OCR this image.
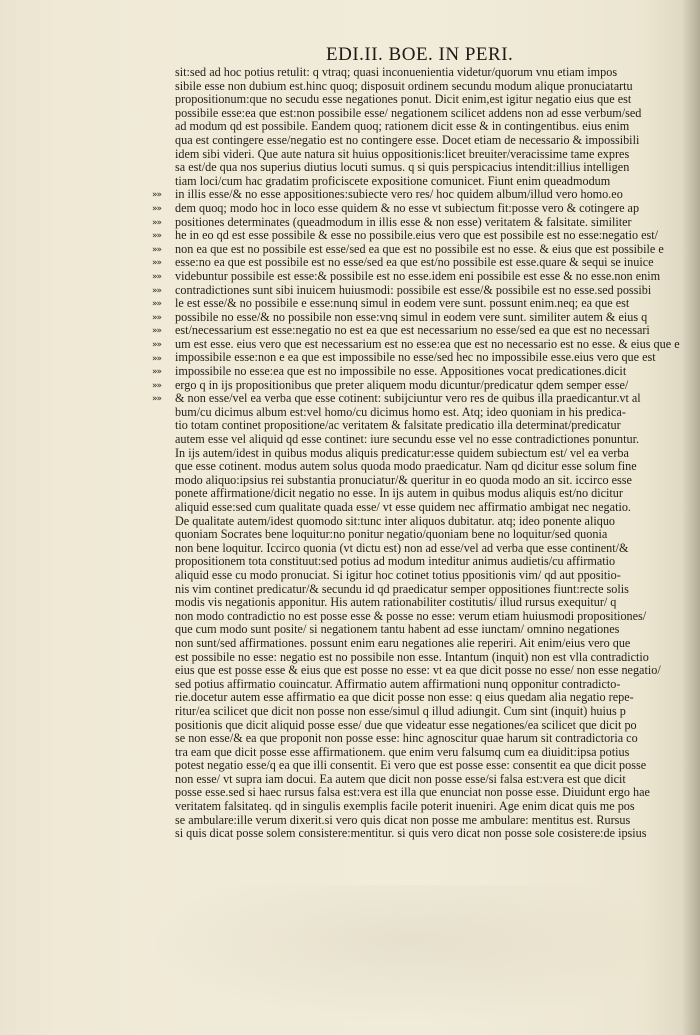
EDI.II. BOE. IN PERI.
»»
»»
»»
»»
»»
»»
»»
»»
»»
»»
»»
»»
»»
»»
»»
»»
sit:sed ad hoc potius retulit: q vtraq; quasi inconuenientia videtur/quorum vnu etiam impos
sibile esse non dubium est.hinc quoq; disposuit ordinem secundu modum alique pronuciatartu
propositionum:que no secudu esse negationes ponut. Dicit enim,est igitur negatio eius que est
possibile esse:ea que est:non possibile esse/ negationem scilicet addens non ad esse verbum/sed
ad modum qd est possibile. Eandem quoq; rationem dicit esse & in contingentibus. eius enim
qua est contingere esse/negatio est no contingere esse. Docet etiam de necessario & impossibili
idem sibi videri. Que aute natura sit huius oppositionis:licet breuiter/veracissime tame expres
sa est/de qua nos superius diutius locuti sumus. q si quis perspicacius intendit:illius intelligen
tiam loci/cum hac gradatim proficiscete expositione comunicet. Fiunt enim queadmodum
in illis esse/& no esse appositiones:subiecte vero res/ hoc quidem album/illud vero homo.eo
dem quoq; modo hoc in loco esse quidem & no esse vt subiectum fit:posse vero & cotingere ap
positiones determinates (queadmodum in illis esse & non esse) veritatem & falsitate. similiter
he in eo qd est esse possibile & esse no possibile.eius vero que est possibile est no esse:negatio est/
non ea que est no possibile est esse/sed ea que est no possibile est no esse. & eius que est possibile e
esse:no ea que est possibile est no esse/sed ea que est/no possibile est esse.quare & sequi se inuice
videbuntur possibile est esse:& possibile est no esse.idem eni possibile est esse & no esse.non enim
contradictiones sunt sibi inuicem huiusmodi: possibile est esse/& possibile est no esse.sed possibi
le est esse/& no possibile e esse:nunq simul in eodem vere sunt. possunt enim.neq; ea que est
possibile no esse/& no possibile non esse:vnq simul in eodem vere sunt. similiter autem & eius q
est/necessarium est esse:negatio no est ea que est necessarium no esse/sed ea que est no necessari
um est esse. eius vero que est necessarium est no esse:ea que est no necessario est no esse. & eius que e
impossibile esse:non e ea que est impossibile no esse/sed hec no impossibile esse.eius vero que est
impossibile no esse:ea que est no impossibile no esse. Appositiones vocat predicationes.dicit
ergo q in ijs propositionibus que preter aliquem modu dicuntur/predicatur qdem semper esse/
& non esse/vel ea verba que esse cotinent: subijciuntur vero res de quibus illa praedicantur.vt al
bum/cu dicimus album est:vel homo/cu dicimus homo est. Atq; ideo quoniam in his predica-
tio totam continet propositione/ac veritatem & falsitate predicatio illa determinat/predicatur
autem esse vel aliquid qd esse continet: iure secundu esse vel no esse contradictiones ponuntur.
In ijs autem/idest in quibus modus aliquis predicatur:esse quidem subiectum est/ vel ea verba
que esse cotinent. modus autem solus quoda modo praedicatur. Nam qd dicitur esse solum fine
modo aliquo:ipsius rei substantia pronuciatur/& queritur in eo quoda modo an sit. iccirco esse
ponete affirmatione/dicit negatio no esse. In ijs autem in quibus modus aliquis est/no dicitur
aliquid esse:sed cum qualitate quada esse/ vt esse quidem nec affirmatio ambigat nec negatio.
De qualitate autem/idest quomodo sit:tunc inter aliquos dubitatur. atq; ideo ponente aliquo
quoniam Socrates bene loquitur:no ponitur negatio/quoniam bene no loquitur/sed quonia
non bene loquitur. Iccirco quonia (vt dictu est) non ad esse/vel ad verba que esse continent/&
propositionem tota constituut:sed potius ad modum inteditur animus audietis/cu affirmatio
aliquid esse cu modo pronuciat. Si igitur hoc cotinet totius ppositionis vim/ qd aut ppositio-
nis vim continet predicatur/& secundu id qd praedicatur semper oppositiones fiunt:recte solis
modis vis negationis apponitur. His autem rationabiliter costitutis/ illud rursus exequitur/ q
non modo contradictio no est posse esse & posse no esse: verum etiam huiusmodi propositiones/
que cum modo sunt posite/ si negationem tantu habent ad esse iunctam/ omnino negationes
non sunt/sed affirmationes. possunt enim earu negationes alie reperiri. Ait enim/eius vero que
est possibile no esse: negatio est no possibile non esse. Intantum (inquit) non est vlla contradictio
eius que est posse esse & eius que est posse no esse: vt ea que dicit posse no esse/ non esse negatio/
sed potius affirmatio couincatur. Affirmatio autem affirmationi nunq opponitur contradicto-
rie.docetur autem esse affirmatio ea que dicit posse non esse: q eius quedam alia negatio repe-
ritur/ea scilicet que dicit non posse non esse/simul q illud adiungit. Cum sint (inquit) huius p
positionis que dicit aliquid posse esse/ due que videatur esse negationes/ea scilicet que dicit po
se non esse/& ea que proponit non posse esse: hinc agnoscitur quae harum sit contradictoria co
tra eam que dicit posse esse affirmationem. que enim veru falsumq cum ea diuidit:ipsa potius
potest negatio esse/q ea que illi consentit. Ei vero que est posse esse: consentit ea que dicit posse
non esse/ vt supra iam docui. Ea autem que dicit non posse esse/si falsa est:vera est que dicit
posse esse.sed si haec rursus falsa est:vera est illa que enunciat non posse esse. Diuidunt ergo hae
veritatem falsitateq. qd in singulis exemplis facile poterit inueniri. Age enim dicat quis me pos
se ambulare:ille verum dixerit.si vero quis dicat non posse me ambulare: mentitus est. Rursus
si quis dicat posse solem consistere:mentitur. si quis vero dicat non posse sole cosistere:de ipsius
